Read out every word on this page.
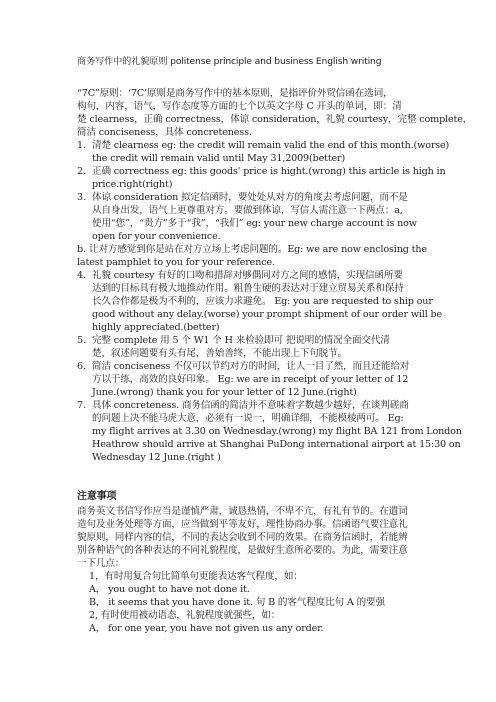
商务写作中的礼貌原则 politense principle and business English writing
“7C”原则：‘7C’原则是商务写作中的基本原则，是指评价外贸信函在选词，
构句，内容，语气，写作态度等方面的七个以英文字母 C 开头的单词，即：清
楚 clearness，正确 correctness，体谅 consideration，礼貌 courtesy，完整 complete，
简洁 conciseness，具体 concreteness.
1. 清楚 clearness eg: the credit will remain valid the end of this month.(worse)
the credit will remain valid until May 31,2009(better)
2. 正确 correctness eg: this goods' price is hight.(wrong) this article is high in
price.right(right)
3. 体谅 consideration 拟定信函时，要处处从对方的角度去考虑问题，而不是
从自身出发，语气上更尊重对方。要做到体谅，写信人需注意一下两点：a,
使用“您”，“贵方”多于“我”，“我们” eg: your new charge account is now
open for your convenience.
b. 让对方感觉到你是站在对方立场上考虑问题的。Eg: we are now enclosing the
latest pamphlet to you for your reference.
4. 礼貌 courtesy 有好的口吻和措辞对够偶同对方之间的感情，实现信函所要
达到的目标具有极大地推动作用。粗鲁生硬的表达对于建立贸易关系和保持
长久合作都是极为不利的，应该力求避免。 Eg: you are requested to ship our
good without any delay.(worse) your prompt shipment of our order will be
highly appreciated.(better)
5. 完整 complete 用 5 个 W1 个 H 来检验即可 把说明的情况全面交代清
楚，叙述问题要有头有尾，善始善终，不能出现上下句脱节。
6. 简洁 conciseness 不仅可以节约对方的时间，让人一目了然，而且还能给对
方以干练，高效的良好印象。 Eg: we are in receipt of your letter of 12
June.(wrong) thank you for your letter of 12 June.(right)
7. 具体 concreteness. 商务信函的简洁并不意味着字数越少越好，在谈判磋商
的问题上决不能马虎大意，必须有一说一，明确详细，不能模棱两可。 Eg:
my flight arrives at 3.30 on Wednesday.(wrong) my flight BA 121 from London
Heathrow should arrive at Shanghai PuDong international airport at 15:30 on
Wednesday 12 June.(right )
注意事项
商务英文书信写作应当是谨慎严肃，诚恳热情，不卑不亢，有礼有节的。在遣词
造句及业务处理等方面，应当做到平等友好，理性协商办事。信函语气要注意礼
貌原则，同样内容的信，不同的表达会收到不同的效果。在商务信函时，若能辨
别各种语气的各种表达的不同礼貌程度，是做好生意所必要的。为此，需要注意
一下几点：
1，有时用复合句比简单句更能表达客气程度，如：
A， you ought to have not done it.
B， it seems that you have done it. 句 B 的客气程度比句 A 的要强
2, 有时使用被动语态，礼貌程度就强些，如：
A， for one year, you have not given us any order.
